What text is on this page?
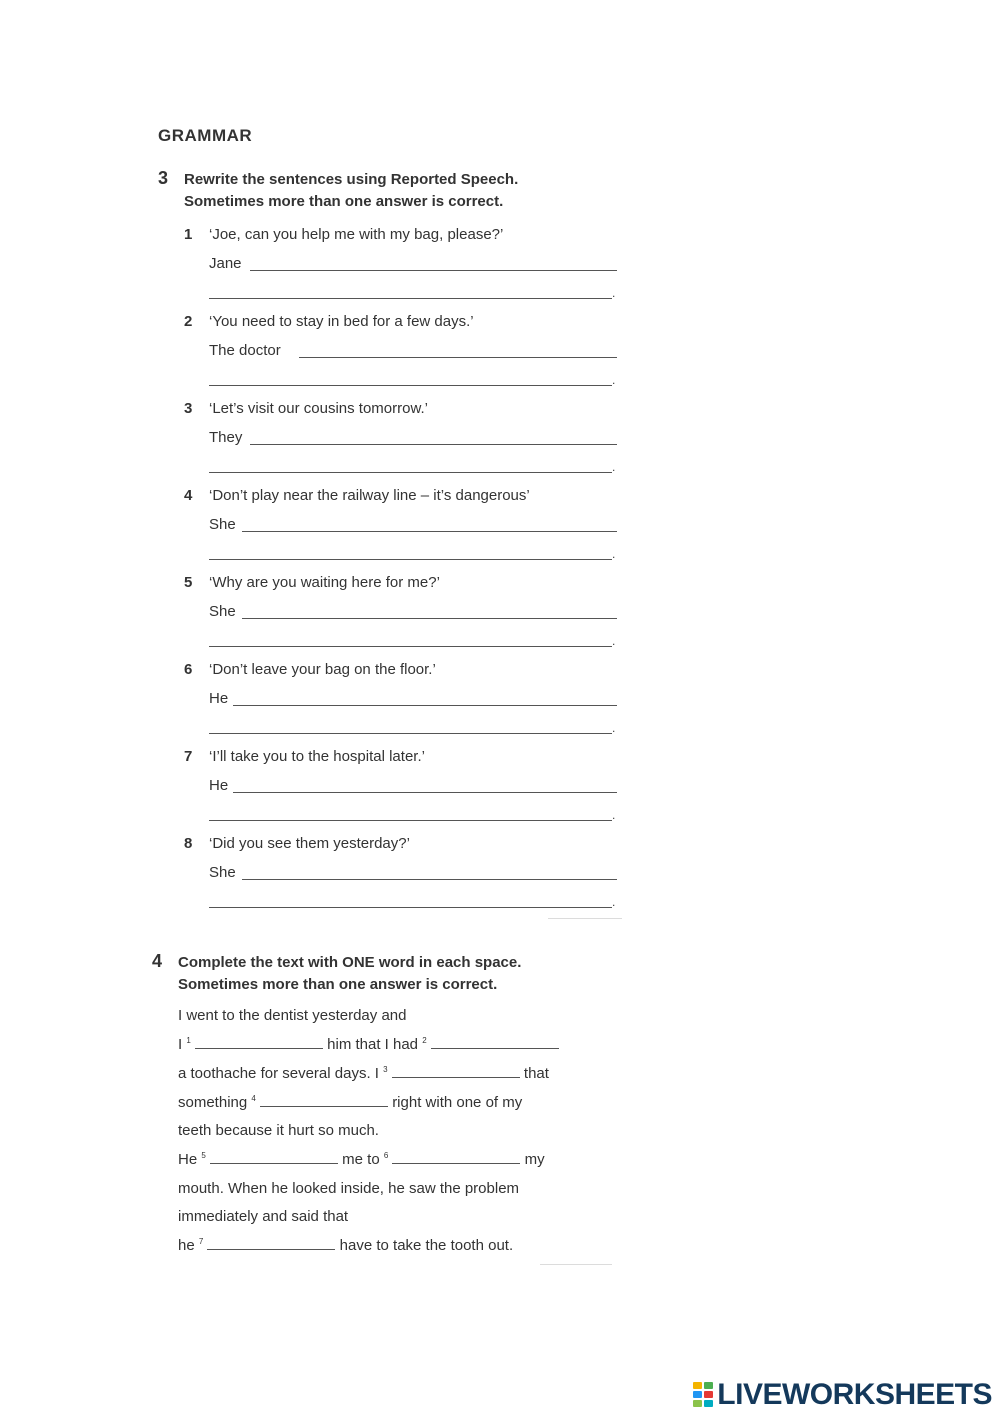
GRAMMAR
3 Rewrite the sentences using Reported Speech.
Sometimes more than one answer is correct.
1 ‘Joe, can you help me with my bag, please?’
Jane
.
2 ‘You need to stay in bed for a few days.’
The doctor
.
3 ‘Let’s visit our cousins tomorrow.’
They
.
4 ‘Don’t play near the railway line – it’s dangerous’
She
.
5 ‘Why are you waiting here for me?’
She
.
6 ‘Don’t leave your bag on the floor.’
He
.
7 ‘I’ll take you to the hospital later.’
He
.
8 ‘Did you see them yesterday?’
She
.
4 Complete the text with ONE word in each space.
Sometimes more than one answer is correct.
I went to the dentist yesterday and
I $^1$	him that I had $^2$
a toothache for several days. I $^3$	that
something $^4$	right with one of my
teeth because it hurt so much.
He $^5$	me to $^6$	my
mouth. When he looked inside, he saw the problem
immediately and said that
he $^7$	have to take the tooth out.
LIVEWORKSHEETS
